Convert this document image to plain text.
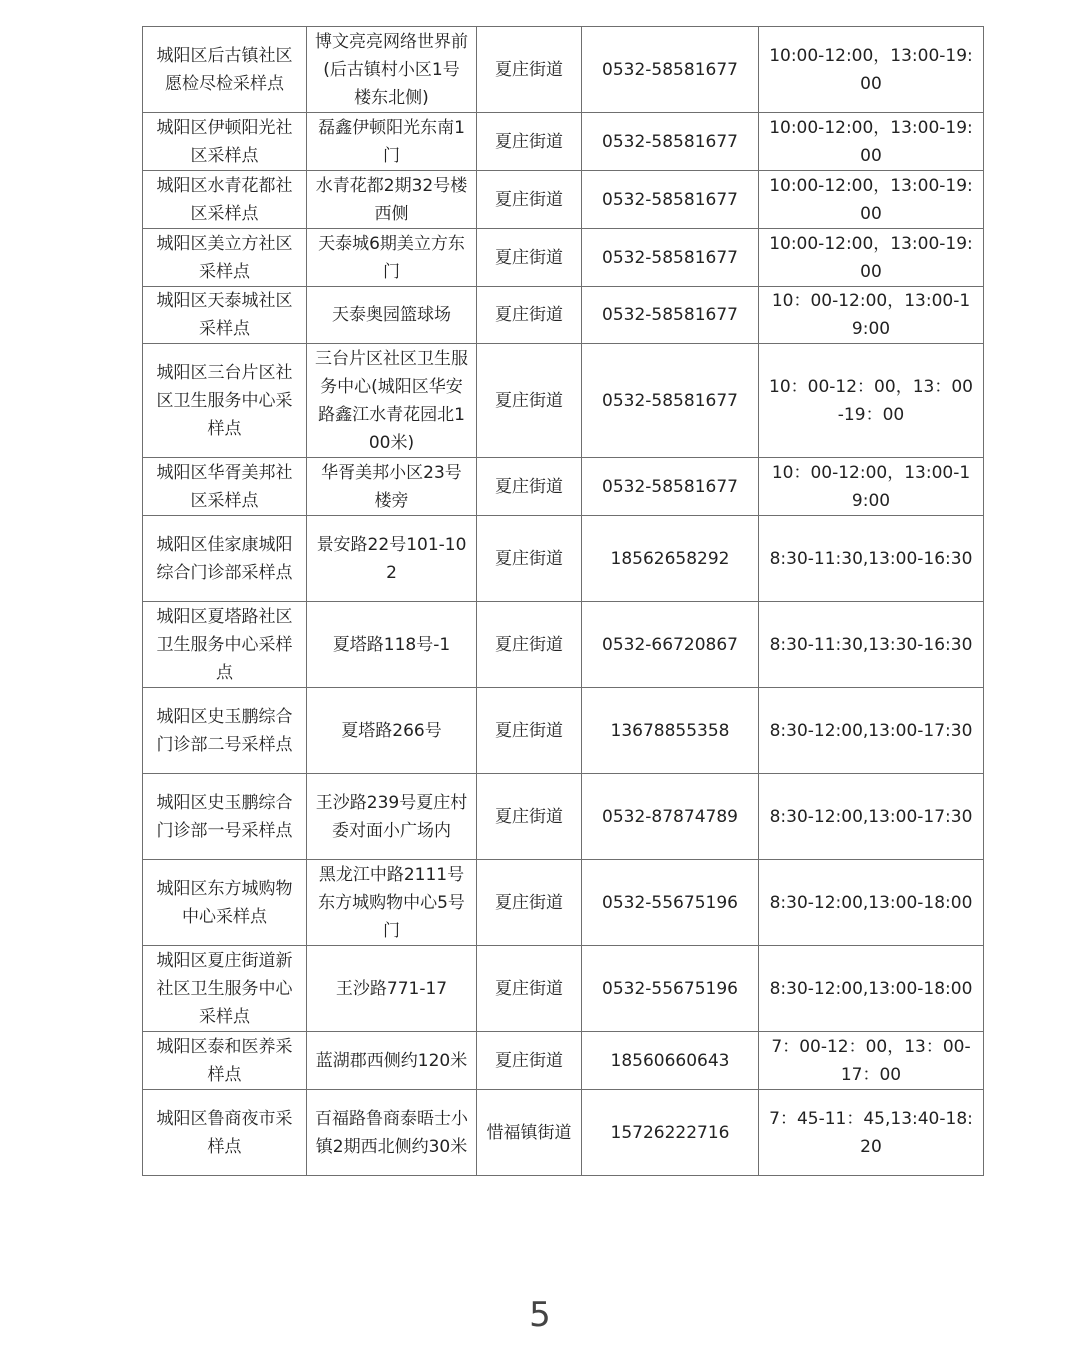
城阳区后古镇社区愿检尽检采样点	博文亮亮网络世界前(后古镇村小区1号楼东北侧)	夏庄街道	0532-58581677	10:00-12:00，13:00-19:00
城阳区伊顿阳光社区采样点	磊鑫伊顿阳光东南1门	夏庄街道	0532-58581677	10:00-12:00，13:00-19:00
城阳区水青花都社区采样点	水青花都2期32号楼西侧	夏庄街道	0532-58581677	10:00-12:00，13:00-19:00
城阳区美立方社区采样点	天泰城6期美立方东门	夏庄街道	0532-58581677	10:00-12:00，13:00-19:00
城阳区天泰城社区采样点	天泰奥园篮球场	夏庄街道	0532-58581677	10：00-12:00，13:00-19:00
城阳区三台片区社区卫生服务中心采样点	三台片区社区卫生服务中心(城阳区华安路鑫江水青花园北100米)	夏庄街道	0532-58581677	10：00-12：00，13：00-19：00
城阳区华胥美邦社区采样点	华胥美邦小区23号楼旁	夏庄街道	0532-58581677	10：00-12:00，13:00-19:00
城阳区佳家康城阳综合门诊部采样点	景安路22号101-102	夏庄街道	18562658292	8:30-11:30,13:00-16:30
城阳区夏塔路社区卫生服务中心采样点	夏塔路118号-1	夏庄街道	0532-66720867	8:30-11:30,13:30-16:30
城阳区史玉鹏综合门诊部二号采样点	夏塔路266号	夏庄街道	13678855358	8:30-12:00,13:00-17:30
城阳区史玉鹏综合门诊部一号采样点	王沙路239号夏庄村委对面小广场内	夏庄街道	0532-87874789	8:30-12:00,13:00-17:30
城阳区东方城购物中心采样点	黑龙江中路2111号东方城购物中心5号门	夏庄街道	0532-55675196	8:30-12:00,13:00-18:00
城阳区夏庄街道新社区卫生服务中心采样点	王沙路771-17	夏庄街道	0532-55675196	8:30-12:00,13:00-18:00
城阳区泰和医养采样点	蓝湖郡西侧约120米	夏庄街道	18560660643	7：00-12：00，13：00-17：00
城阳区鲁商夜市采样点	百福路鲁商泰晤士小镇2期西北侧约30米	惜福镇街道	15726222716	7：45-11：45,13:40-18:20
5
